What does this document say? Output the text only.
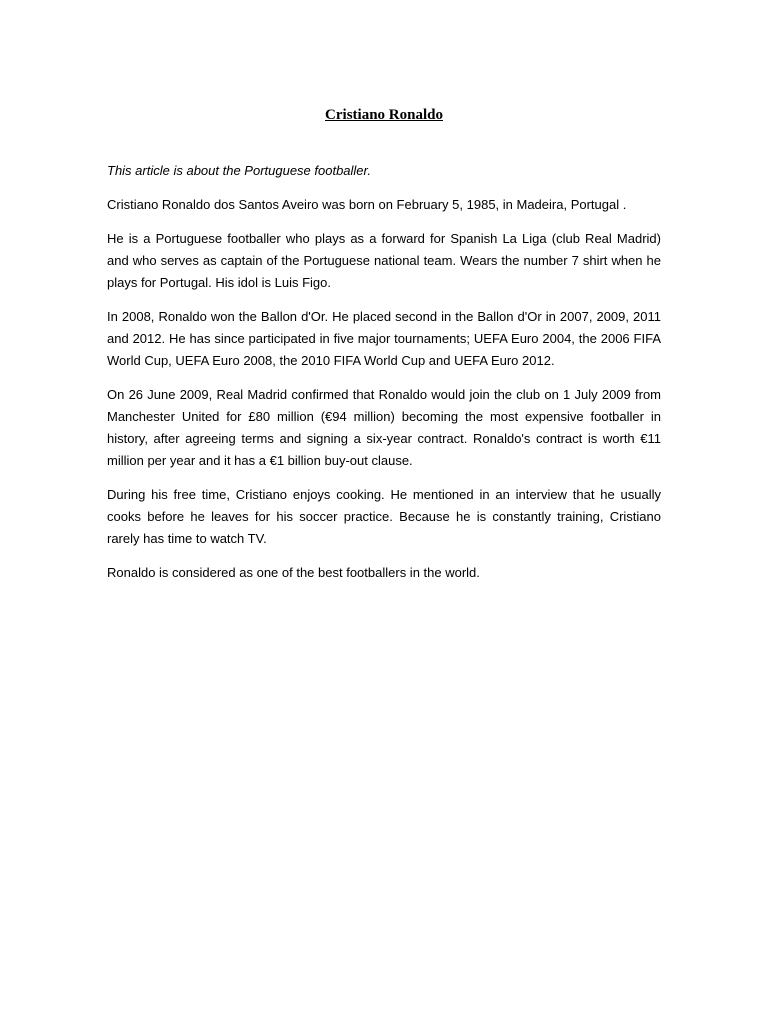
Cristiano Ronaldo

This article is about the Portuguese footballer.

Cristiano Ronaldo dos Santos Aveiro was born on February 5, 1985, in Madeira, Portugal .

He is a Portuguese footballer who plays as a forward for Spanish La Liga (club Real Madrid) and who serves as captain of the Portuguese national team. Wears the number 7 shirt when he plays for Portugal. His idol is Luis Figo.

In 2008, Ronaldo won the Ballon d'Or. He placed second in the Ballon d'Or in 2007, 2009, 2011 and 2012. He has since participated in five major tournaments; UEFA Euro 2004, the 2006 FIFA World Cup, UEFA Euro 2008, the 2010 FIFA World Cup and UEFA Euro 2012.

On 26 June 2009, Real Madrid confirmed that Ronaldo would join the club on 1 July 2009 from Manchester United for £80 million (€94 million) becoming the most expensive footballer in history, after agreeing terms and signing a six-year contract. Ronaldo's contract is worth €11 million per year and it has a €1 billion buy-out clause.

During his free time, Cristiano enjoys cooking. He mentioned in an interview that he usually cooks before he leaves for his soccer practice. Because he is constantly training, Cristiano rarely has time to watch TV.

Ronaldo is considered as one of the best footballers in the world.
